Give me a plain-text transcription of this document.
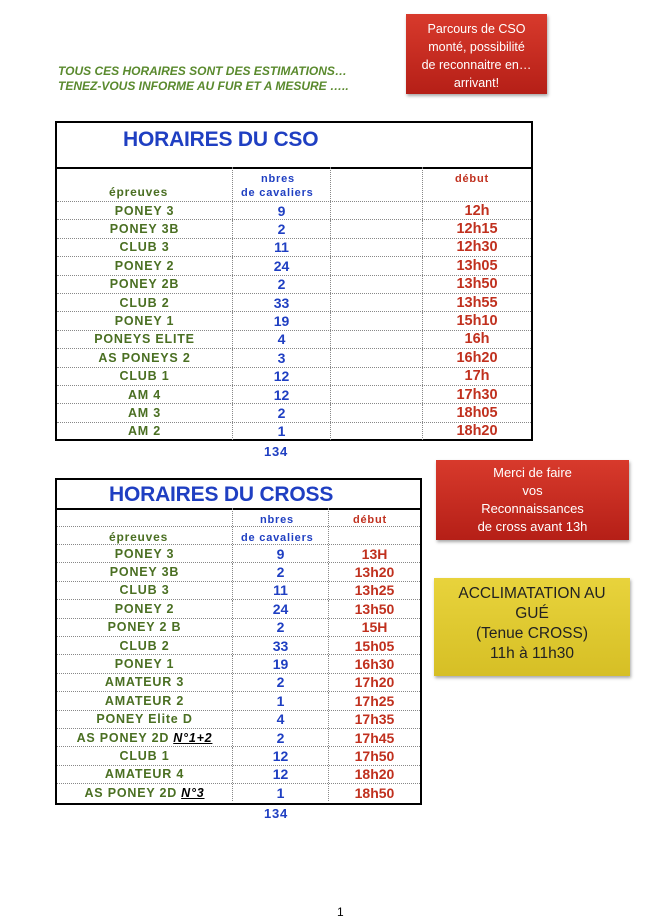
TOUS CES HORAIRES SONT DES ESTIMATIONS…
TENEZ-VOUS INFORME AU FUR ET A MESURE …..
Parcours de CSO
monté, possibilité
de reconnaitre en…
arrivant!
HORAIRES DU CSO
nbres	début
épreuves	de cavaliers
PONEY 3	9	12h
PONEY 3B	2	12h15
CLUB 3	11	12h30
PONEY 2	24	13h05
PONEY 2B	2	13h50
CLUB 2	33	13h55
PONEY 1	19	15h10
PONEYS ELITE	4	16h
AS PONEYS 2	3	16h20
CLUB 1	12	17h
AM 4	12	17h30
AM 3	2	18h05
AM 2	1	18h20
134
Merci de faire
vos
Reconnaissances
de cross avant 13h
HORAIRES DU CROSS
nbres	début
épreuves	de cavaliers
PONEY 3	9	13H
PONEY 3B	2	13h20
CLUB 3	11	13h25
PONEY 2	24	13h50
PONEY 2 B	2	15H
CLUB 2	33	15h05
PONEY 1	19	16h30
AMATEUR 3	2	17h20
AMATEUR 2	1	17h25
PONEY Elite D	4	17h35
AS PONEY 2D N°1+2	2	17h45
CLUB 1	12	17h50
AMATEUR 4	12	18h20
AS PONEY 2D N°3	1	18h50
134
ACCLIMATATION AU
GUÉ
(Tenue CROSS)
11h à 11h30
1
